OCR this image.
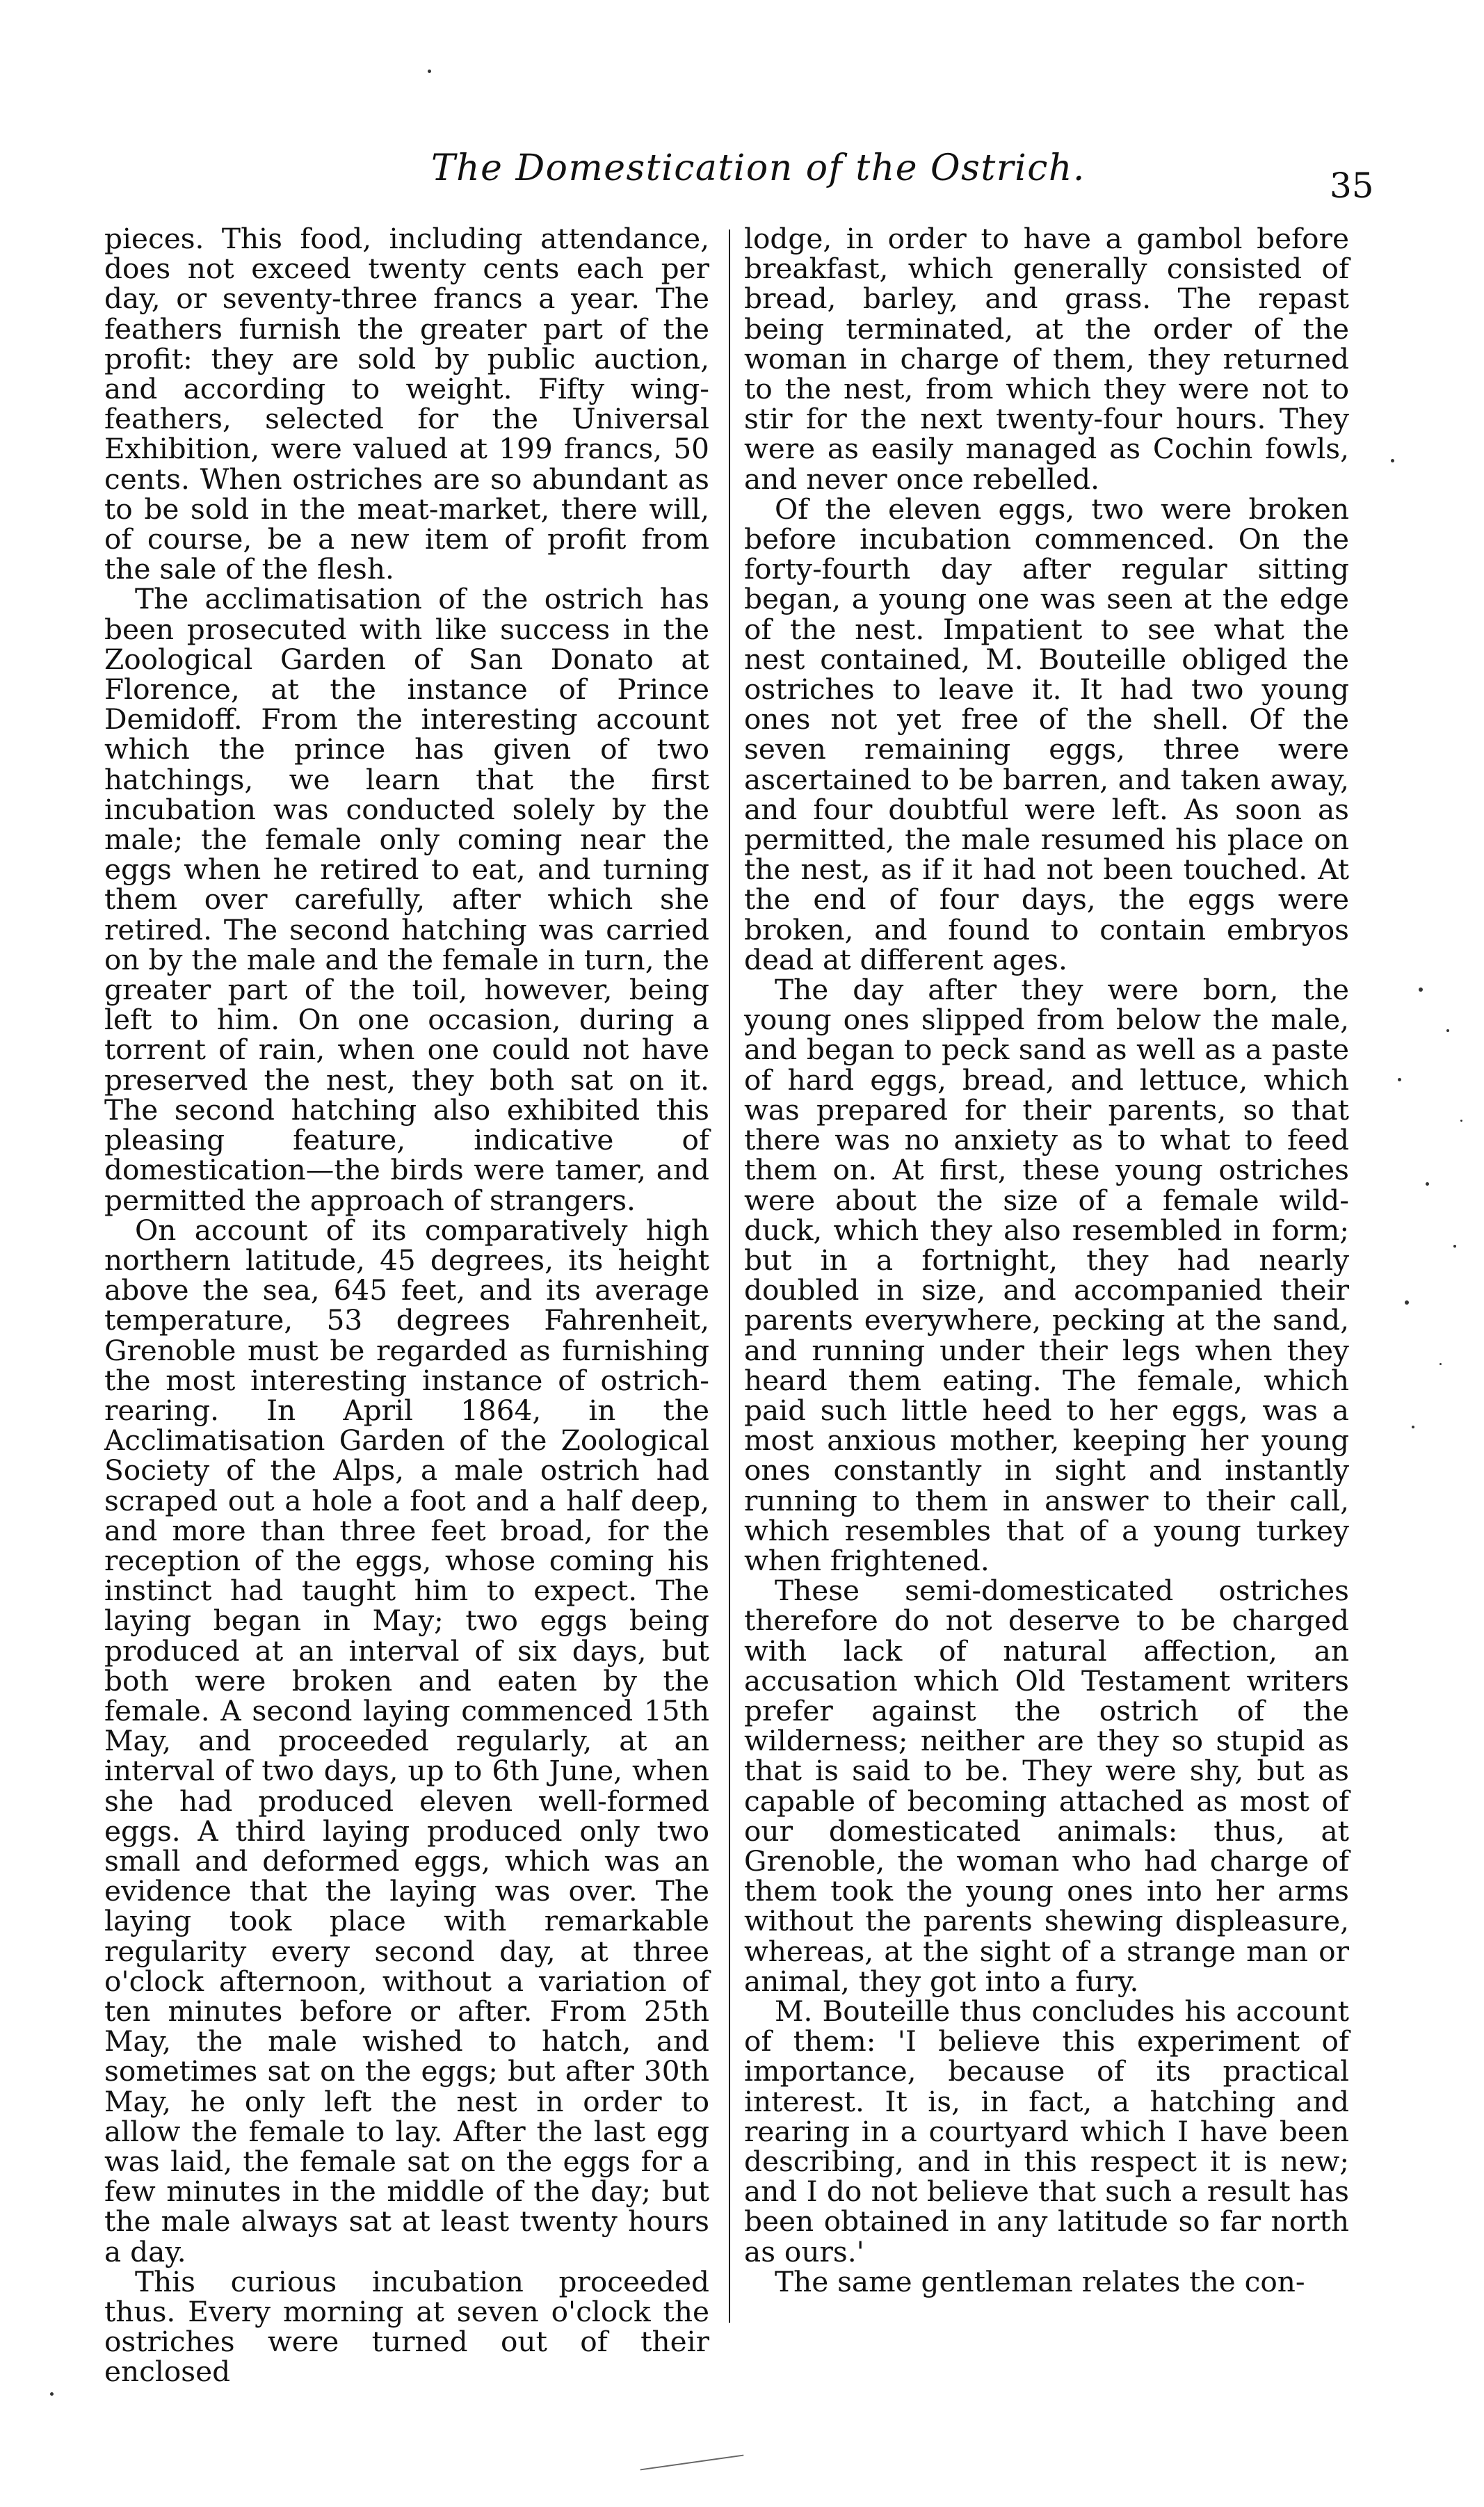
The Domestication of the Ostrich.	35

pieces. This food, including attendance, does not exceed twenty cents each per day, or seventy-three francs a year. The feathers furnish the greater part of the profit: they are sold by public auction, and according to weight. Fifty wing-feathers, selected for the Universal Exhibition, were valued at 199 francs, 50 cents. When ostriches are so abundant as to be sold in the meat-market, there will, of course, be a new item of profit from the sale of the flesh.

The acclimatisation of the ostrich has been prosecuted with like success in the Zoological Garden of San Donato at Florence, at the instance of Prince Demidoff. From the interesting account which the prince has given of two hatchings, we learn that the first incubation was conducted solely by the male; the female only coming near the eggs when he retired to eat, and turning them over carefully, after which she retired. The second hatching was carried on by the male and the female in turn, the greater part of the toil, however, being left to him. On one occasion, during a torrent of rain, when one could not have preserved the nest, they both sat on it. The second hatching also exhibited this pleasing feature, indicative of domestication—the birds were tamer, and permitted the approach of strangers.

On account of its comparatively high northern latitude, 45 degrees, its height above the sea, 645 feet, and its average temperature, 53 degrees Fahrenheit, Grenoble must be regarded as furnishing the most interesting instance of ostrich-rearing. In April 1864, in the Acclimatisation Garden of the Zoological Society of the Alps, a male ostrich had scraped out a hole a foot and a half deep, and more than three feet broad, for the reception of the eggs, whose coming his instinct had taught him to expect. The laying began in May; two eggs being produced at an interval of six days, but both were broken and eaten by the female. A second laying commenced 15th May, and proceeded regularly, at an interval of two days, up to 6th June, when she had produced eleven well-formed eggs. A third laying produced only two small and deformed eggs, which was an evidence that the laying was over. The laying took place with remarkable regularity every second day, at three o'clock afternoon, without a variation of ten minutes before or after. From 25th May, the male wished to hatch, and sometimes sat on the eggs; but after 30th May, he only left the nest in order to allow the female to lay. After the last egg was laid, the female sat on the eggs for a few minutes in the middle of the day; but the male always sat at least twenty hours a day.

This curious incubation proceeded thus. Every morning at seven o'clock the ostriches were turned out of their enclosed

lodge, in order to have a gambol before breakfast, which generally consisted of bread, barley, and grass. The repast being terminated, at the order of the woman in charge of them, they returned to the nest, from which they were not to stir for the next twenty-four hours. They were as easily managed as Cochin fowls, and never once rebelled.

Of the eleven eggs, two were broken before incubation commenced. On the forty-fourth day after regular sitting began, a young one was seen at the edge of the nest. Impatient to see what the nest contained, M. Bouteille obliged the ostriches to leave it. It had two young ones not yet free of the shell. Of the seven remaining eggs, three were ascertained to be barren, and taken away, and four doubtful were left. As soon as permitted, the male resumed his place on the nest, as if it had not been touched. At the end of four days, the eggs were broken, and found to contain embryos dead at different ages.

The day after they were born, the young ones slipped from below the male, and began to peck sand as well as a paste of hard eggs, bread, and lettuce, which was prepared for their parents, so that there was no anxiety as to what to feed them on. At first, these young ostriches were about the size of a female wild-duck, which they also resembled in form; but in a fortnight, they had nearly doubled in size, and accompanied their parents everywhere, pecking at the sand, and running under their legs when they heard them eating. The female, which paid such little heed to her eggs, was a most anxious mother, keeping her young ones constantly in sight and instantly running to them in answer to their call, which resembles that of a young turkey when frightened.

These semi-domesticated ostriches therefore do not deserve to be charged with lack of natural affection, an accusation which Old Testament writers prefer against the ostrich of the wilderness; neither are they so stupid as that is said to be. They were shy, but as capable of becoming attached as most of our domesticated animals: thus, at Grenoble, the woman who had charge of them took the young ones into her arms without the parents shewing displeasure, whereas, at the sight of a strange man or animal, they got into a fury.

M. Bouteille thus concludes his account of them: 'I believe this experiment of importance, because of its practical interest. It is, in fact, a hatching and rearing in a courtyard which I have been describing, and in this respect it is new; and I do not believe that such a result has been obtained in any latitude so far north as ours.'

The same gentleman relates the con-
